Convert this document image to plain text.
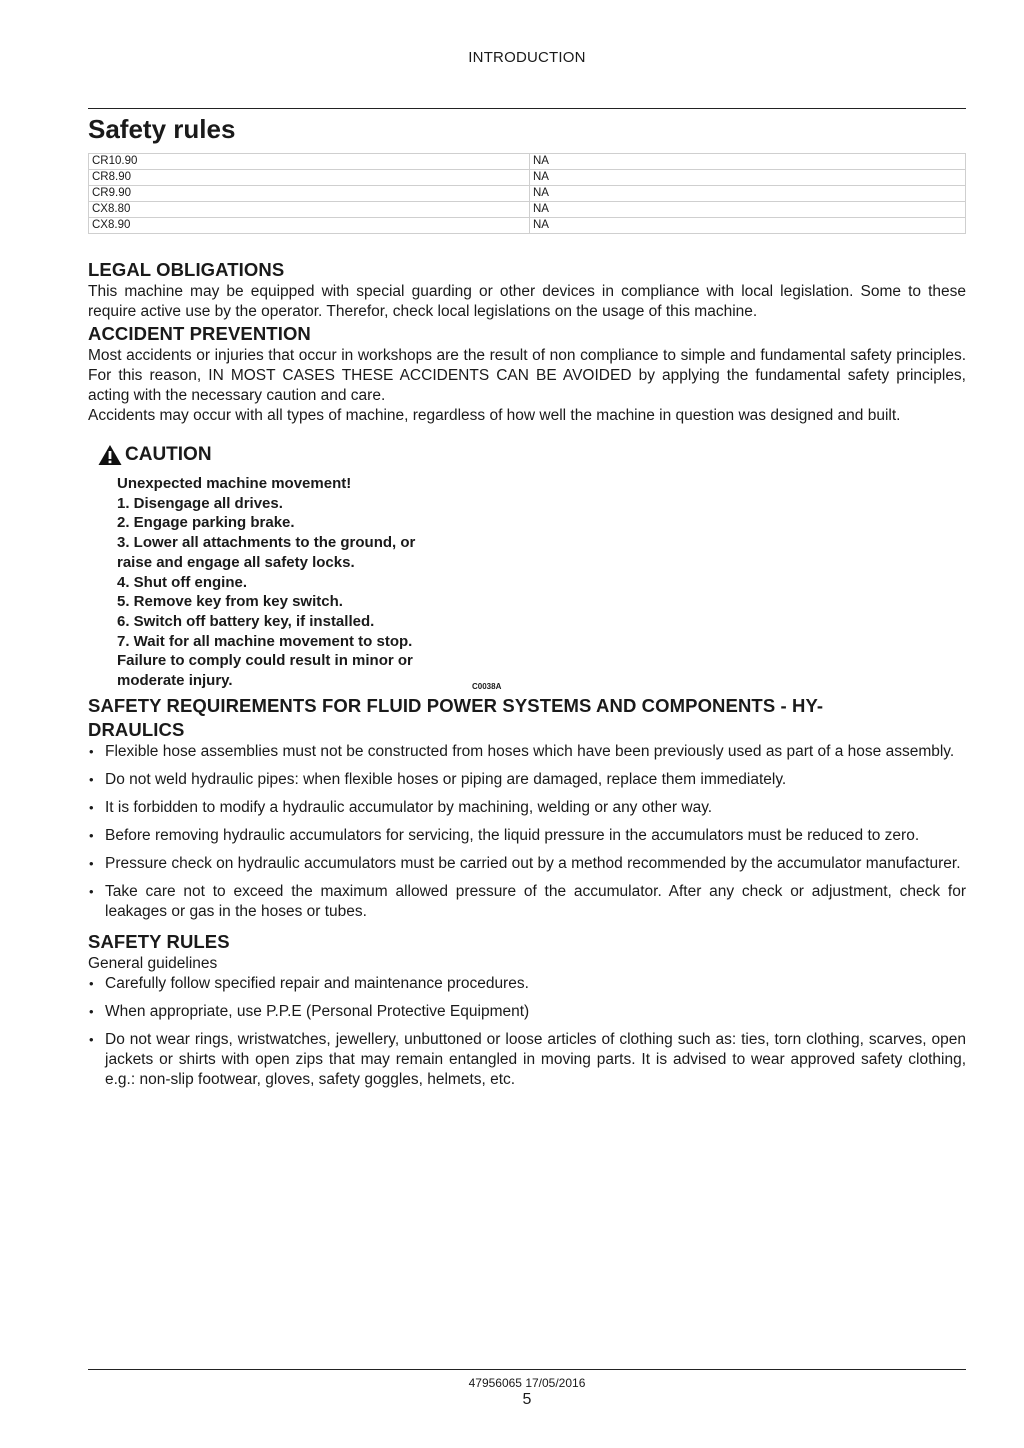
INTRODUCTION
Safety rules
CR10.90	NA
CR8.90	NA
CR9.90	NA
CX8.80	NA
CX8.90	NA
LEGAL OBLIGATIONS

This machine may be equipped with special guarding or other devices in compliance with local legislation. Some to these require active use by the operator. Therefor, check local legislations on the usage of this machine.

ACCIDENT PREVENTION

Most accidents or injuries that occur in workshops are the result of non compliance to simple and fundamental safety principles. For this reason, IN MOST CASES THESE ACCIDENTS CAN BE AVOIDED by applying the fundamental safety principles, acting with the necessary caution and care.

Accidents may occur with all types of machine, regardless of how well the machine in question was designed and built.

CAUTION
Unexpected machine movement!
1. Disengage all drives.
2. Engage parking brake.
3. Lower all attachments to the ground, or
raise and engage all safety locks.
4. Shut off engine.
5. Remove key from key switch.
6. Switch off battery key, if installed.
7. Wait for all machine movement to stop.
Failure to comply could result in minor or
moderate injury.	C0038A
SAFETY REQUIREMENTS FOR FLUID POWER SYSTEMS AND COMPONENTS - HY-
DRAULICS
• Flexible hose assemblies must not be constructed from hoses which have been previously used as part of a hose assembly.
• Do not weld hydraulic pipes: when flexible hoses or piping are damaged, replace them immediately.
• It is forbidden to modify a hydraulic accumulator by machining, welding or any other way.
• Before removing hydraulic accumulators for servicing, the liquid pressure in the accumulators must be reduced to zero.
• Pressure check on hydraulic accumulators must be carried out by a method recommended by the accumulator manufacturer.
• Take care not to exceed the maximum allowed pressure of the accumulator. After any check or adjustment, check for leakages or gas in the hoses or tubes.
SAFETY RULES

General guidelines

• Carefully follow specified repair and maintenance procedures.
• When appropriate, use P.P.E (Personal Protective Equipment)
• Do not wear rings, wristwatches, jewellery, unbuttoned or loose articles of clothing such as: ties, torn clothing, scarves, open jackets or shirts with open zips that may remain entangled in moving parts. It is advised to wear approved safety clothing, e.g.: non-slip footwear, gloves, safety goggles, helmets, etc.
47956065 17/05/2016
5
